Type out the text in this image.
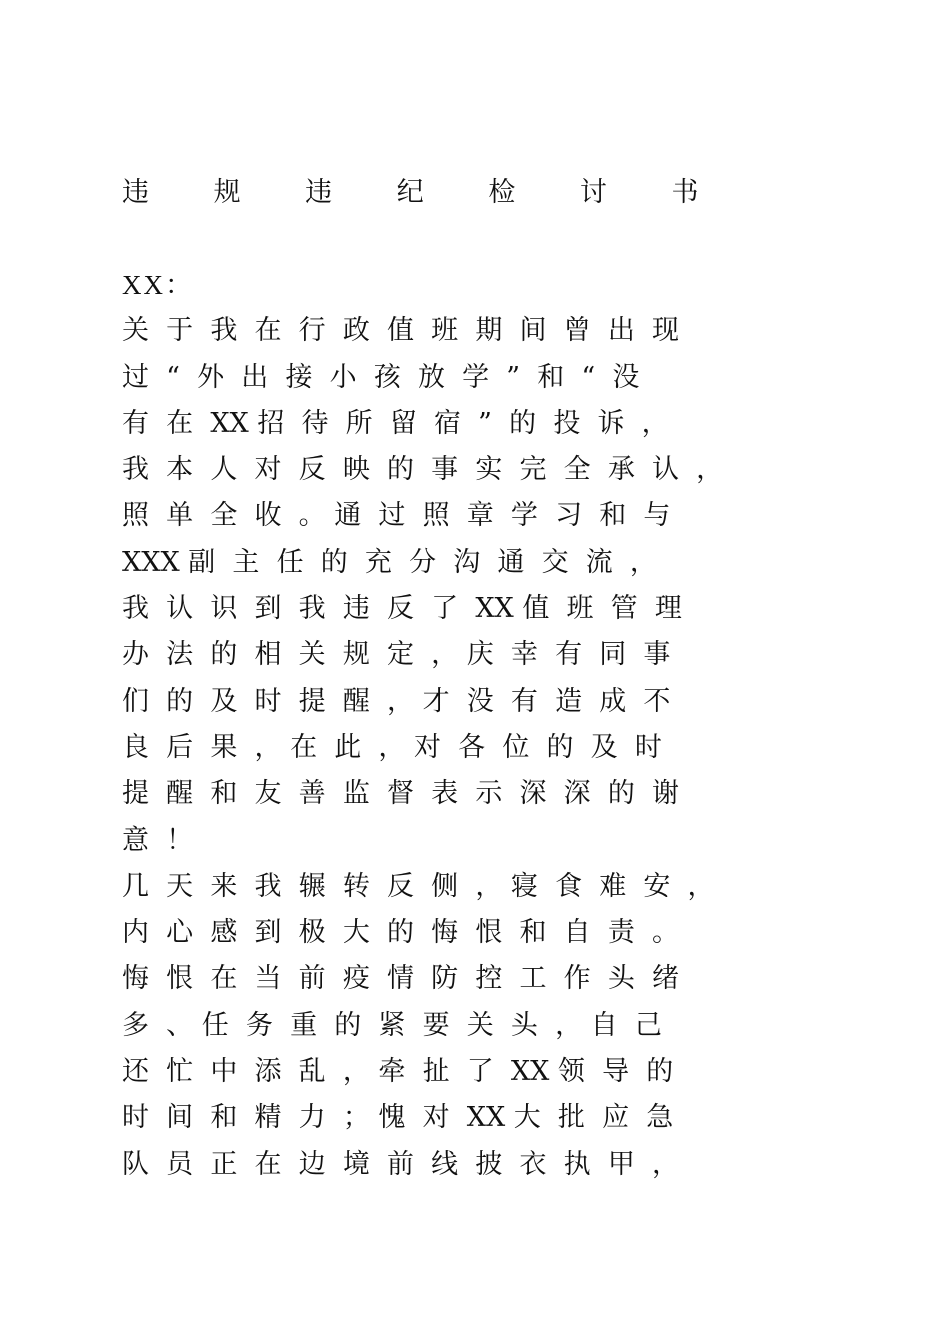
违 规 违 纪 检 讨 书
XX：
关  于  我  在  行  政  值  班  期  间  曾  出  现
过  “  外  出  接  小  孩  放  学  ”  和  “  没
有  在  XX 招  待  所  留  宿  ”  的  投  诉  ，
我  本  人  对  反  映  的  事  实  完  全  承  认  ，
照  单  全  收  。 通  过  照  章  学  习  和  与
XXX 副  主  任  的  充  分  沟  通  交  流  ，
我  认  识  到  我  违  反  了  XX 值  班  管  理
办  法  的  相  关  规  定  ， 庆  幸  有  同  事
们  的  及  时  提  醒  ， 才  没  有  造  成  不
良  后  果  ， 在  此  ， 对  各  位  的  及  时
提  醒  和  友  善  监  督  表  示  深  深  的  谢
意  ！
几  天  来  我  辗  转  反  侧  ， 寝  食  难  安  ，
内  心  感  到  极  大  的  悔  恨  和  自  责  。
悔  恨  在  当  前  疫  情  防  控  工  作  头  绪
多  、 任  务  重  的  紧  要  关  头  ， 自  己
还  忙  中  添  乱  ， 牵  扯  了  XX 领  导  的
时  间  和  精  力  ； 愧  对  XX 大  批  应  急
队  员  正  在  边  境  前  线  披  衣  执  甲  ，
